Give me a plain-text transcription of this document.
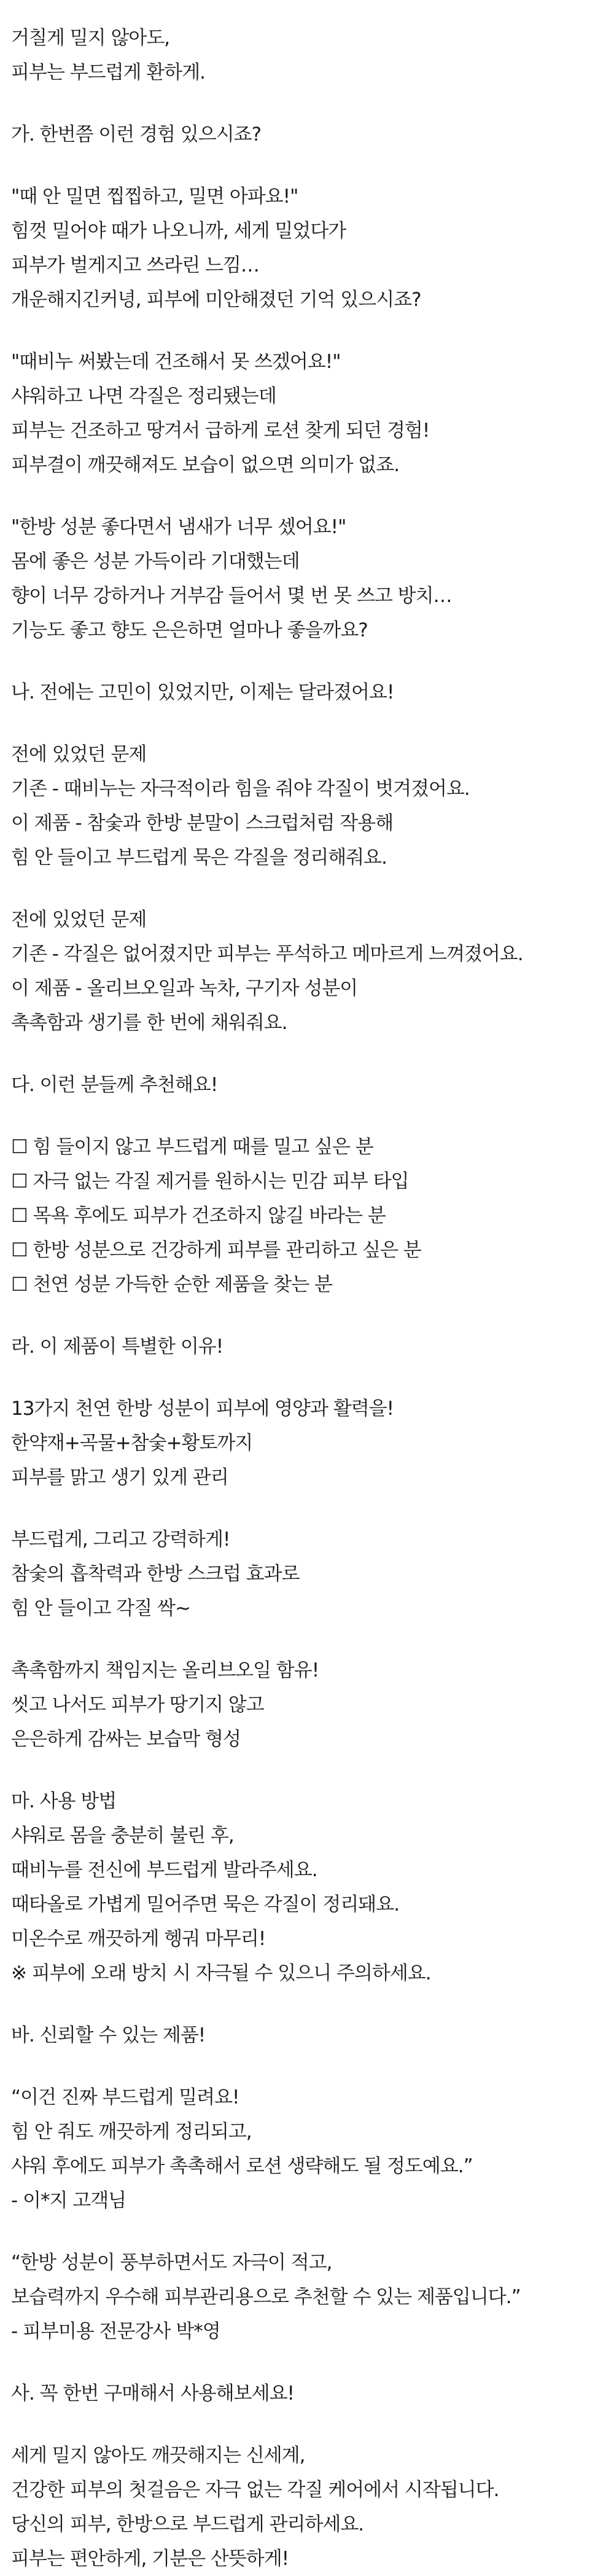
거칠게 밀지 않아도,
피부는 부드럽게 환하게.
가. 한번쯤 이런 경험 있으시죠?
"때 안 밀면 찝찝하고, 밀면 아파요!"
힘껏 밀어야 때가 나오니까, 세게 밀었다가
피부가 벌게지고 쓰라린 느낌…
개운해지긴커녕, 피부에 미안해졌던 기억 있으시죠?
"때비누 써봤는데 건조해서 못 쓰겠어요!"
샤워하고 나면 각질은 정리됐는데
피부는 건조하고 땅겨서 급하게 로션 찾게 되던 경험!
피부결이 깨끗해져도 보습이 없으면 의미가 없죠.
"한방 성분 좋다면서 냄새가 너무 셌어요!"
몸에 좋은 성분 가득이라 기대했는데
향이 너무 강하거나 거부감 들어서 몇 번 못 쓰고 방치…
기능도 좋고 향도 은은하면 얼마나 좋을까요?
나. 전에는 고민이 있었지만, 이제는 달라졌어요!
전에 있었던 문제
기존 - 때비누는 자극적이라 힘을 줘야 각질이 벗겨졌어요.
이 제품 - 참숯과 한방 분말이 스크럽처럼 작용해
힘 안 들이고 부드럽게 묵은 각질을 정리해줘요.
전에 있었던 문제
기존 - 각질은 없어졌지만 피부는 푸석하고 메마르게 느껴졌어요.
이 제품 - 올리브오일과 녹차, 구기자 성분이
촉촉함과 생기를 한 번에 채워줘요.
다. 이런 분들께 추천해요!
☐ 힘 들이지 않고 부드럽게 때를 밀고 싶은 분
☐ 자극 없는 각질 제거를 원하시는 민감 피부 타입
☐ 목욕 후에도 피부가 건조하지 않길 바라는 분
☐ 한방 성분으로 건강하게 피부를 관리하고 싶은 분
☐ 천연 성분 가득한 순한 제품을 찾는 분
라. 이 제품이 특별한 이유!
13가지 천연 한방 성분이 피부에 영양과 활력을!
한약재+곡물+참숯+황토까지
피부를 맑고 생기 있게 관리
부드럽게, 그리고 강력하게!
참숯의 흡착력과 한방 스크럽 효과로
힘 안 들이고 각질 싹~
촉촉함까지 책임지는 올리브오일 함유!
씻고 나서도 피부가 땅기지 않고
은은하게 감싸는 보습막 형성
마. 사용 방법
샤워로 몸을 충분히 불린 후,
때비누를 전신에 부드럽게 발라주세요.
때타올로 가볍게 밀어주면 묵은 각질이 정리돼요.
미온수로 깨끗하게 헹궈 마무리!
※ 피부에 오래 방치 시 자극될 수 있으니 주의하세요.
바. 신뢰할 수 있는 제품!
“이건 진짜 부드럽게 밀려요!
힘 안 줘도 깨끗하게 정리되고,
샤워 후에도 피부가 촉촉해서 로션 생략해도 될 정도예요.”
- 이*지 고객님
“한방 성분이 풍부하면서도 자극이 적고,
보습력까지 우수해 피부관리용으로 추천할 수 있는 제품입니다.”
- 피부미용 전문강사 박*영
사. 꼭 한번 구매해서 사용해보세요!
세게 밀지 않아도 깨끗해지는 신세계,
건강한 피부의 첫걸음은 자극 없는 각질 케어에서 시작됩니다.
당신의 피부, 한방으로 부드럽게 관리하세요.
피부는 편안하게, 기분은 산뜻하게!
